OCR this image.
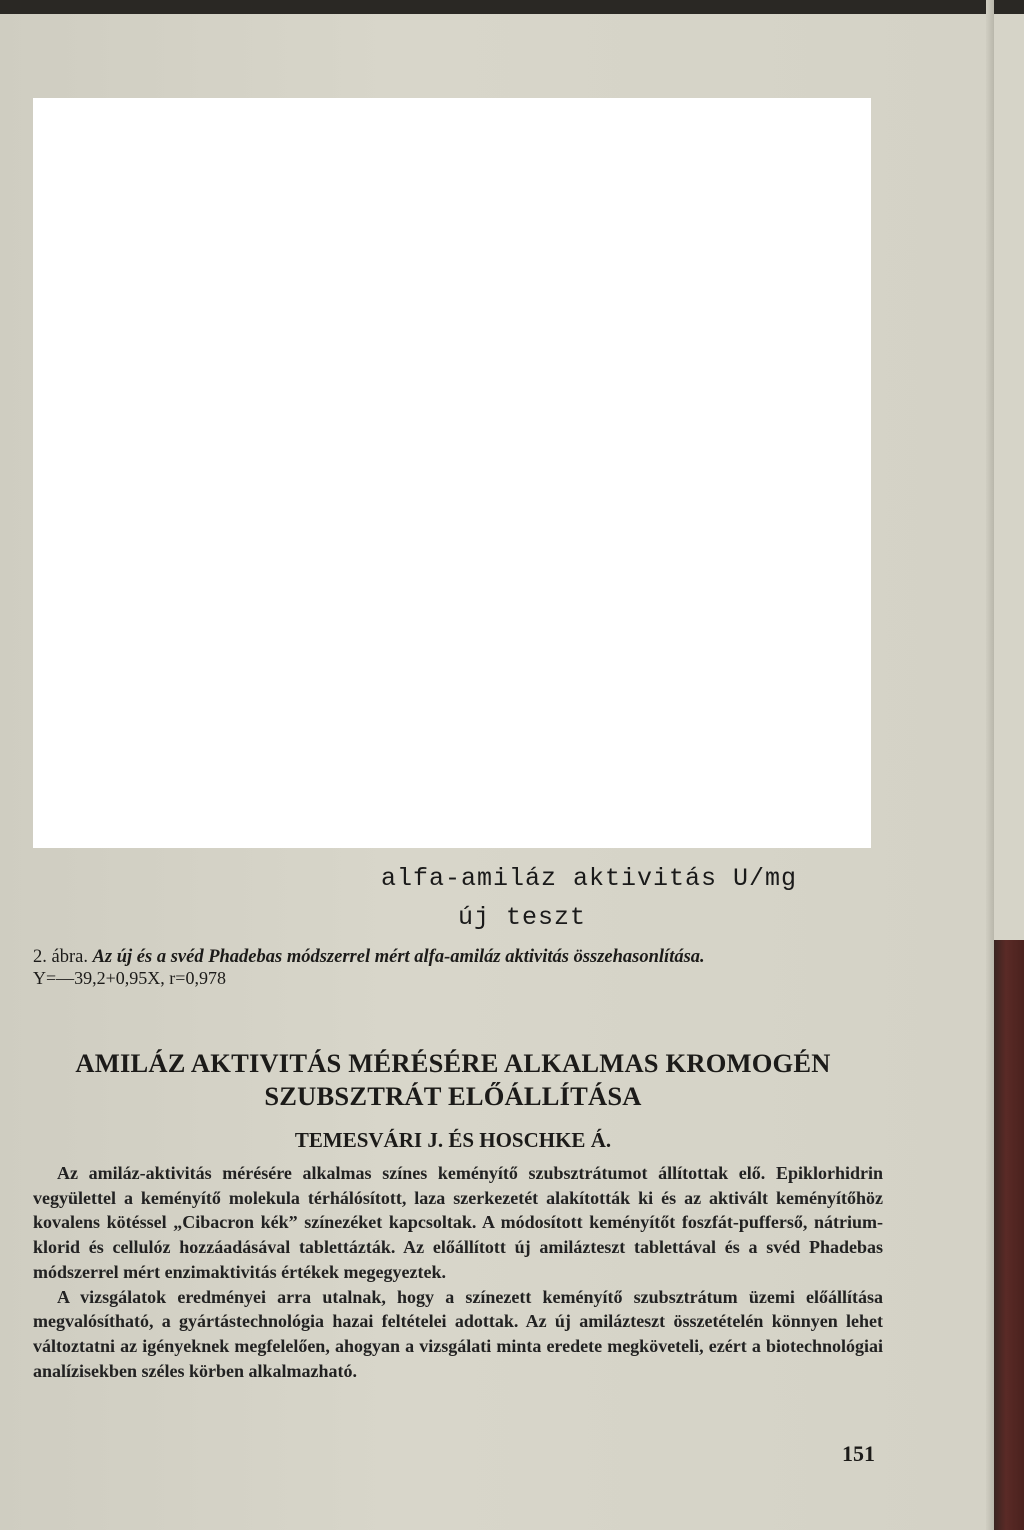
alfa-amiláz aktivitás U/mg
új teszt
2. ábra. Az új és a svéd Phadebas módszerrel mért alfa-amiláz aktivitás összehasonlítása.
Y=—39,2+0,95X, r=0,978
AMILÁZ AKTIVITÁS MÉRÉSÉRE ALKALMAS KROMOGÉN
SZUBSZTRÁT ELŐÁLLÍTÁSA
TEMESVÁRI J. ÉS HOSCHKE Á.

Az amiláz-aktivitás mérésére alkalmas színes keményítő szubsztrátumot állítottak elő. Epiklorhidrin vegyülettel a keményítő molekula térhálósított, laza szerkezetét alakították ki és az aktivált keményítőhöz kovalens kötéssel „Cibacron kék” színezéket kapcsoltak. A módosított keményítőt foszfát-pufferső, nátrium-klorid és cellulóz hozzáadásával tablettázták. Az előállított új amilázteszt tablettával és a svéd Phadebas módszerrel mért enzimaktivitás értékek megegyeztek.

A vizsgálatok eredményei arra utalnak, hogy a színezett keményítő szubsztrátum üzemi előállítása megvalósítható, a gyártástechnológia hazai feltételei adottak. Az új amilázteszt összetételén könnyen lehet változtatni az igényeknek megfelelően, ahogyan a vizsgálati minta eredete megköveteli, ezért a biotechnológiai analízisekben széles körben alkalmazható.

151
